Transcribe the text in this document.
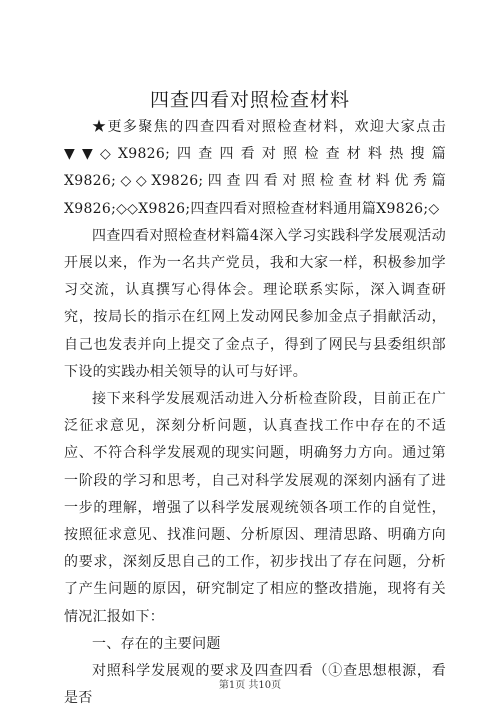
四查四看对照检查材料

★更多聚焦的四查四看对照检查材料，欢迎大家点击▼▼◇X9826;四查四看对照检查材料热搜篇X9826;◇◇X9826;四查四看对照检查材料优秀篇X9826;◇◇X9826;四查四看对照检查材料通用篇X9826;◇

四查四看对照检查材料篇4深入学习实践科学发展观活动开展以来，作为一名共产党员，我和大家一样，积极参加学习交流，认真撰写心得体会。理论联系实际，深入调查研究，按局长的指示在红网上发动网民参加金点子捐献活动，自己也发表并向上提交了金点子，得到了网民与县委组织部下设的实践办相关领导的认可与好评。

接下来科学发展观活动进入分析检查阶段，目前正在广泛征求意见，深刻分析问题，认真查找工作中存在的不适应、不符合科学发展观的现实问题，明确努力方向。通过第一阶段的学习和思考，自己对科学发展观的深刻内涵有了进一步的理解，增强了以科学发展观统领各项工作的自觉性，按照征求意见、找准问题、分析原因、理清思路、明确方向的要求，深刻反思自己的工作，初步找出了存在问题，分析了产生问题的原因，研究制定了相应的整改措施，现将有关情况汇报如下：

一、存在的主要问题

对照科学发展观的要求及四查四看（①查思想根源，看是否

第1页 共10页
